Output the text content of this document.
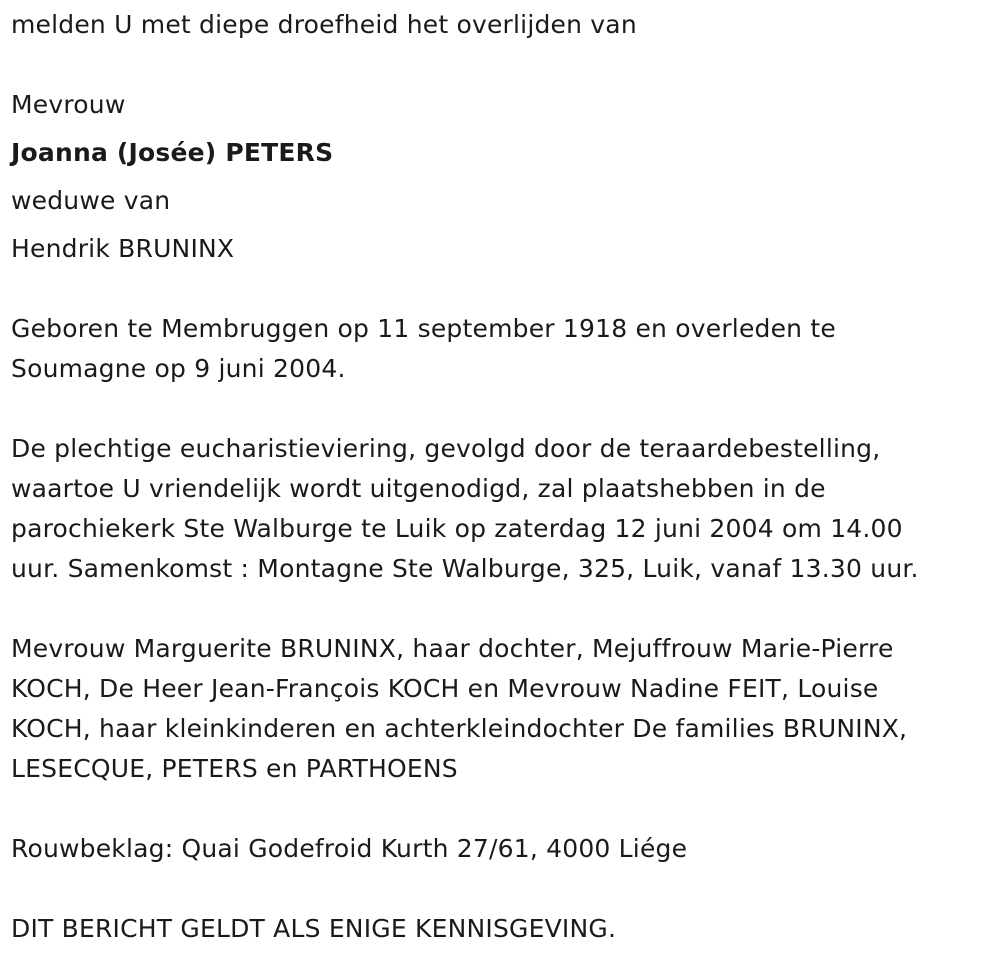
melden U met diepe droefheid het overlijden van
Mevrouw
Joanna (Josée) PETERS
weduwe van
Hendrik BRUNINX
Geboren te Membruggen op 11 september 1918 en overleden te
Soumagne op 9 juni 2004.
De plechtige eucharistieviering, gevolgd door de teraardebestelling,
waartoe U vriendelijk wordt uitgenodigd, zal plaatshebben in de
parochiekerk Ste Walburge te Luik op zaterdag 12 juni 2004 om 14.00
uur. Samenkomst : Montagne Ste Walburge, 325, Luik, vanaf 13.30 uur.
Mevrouw Marguerite BRUNINX, haar dochter, Mejuffrouw Marie-Pierre
KOCH, De Heer Jean-François KOCH en Mevrouw Nadine FEIT, Louise
KOCH, haar kleinkinderen en achterkleindochter De families BRUNINX,
LESECQUE, PETERS en PARTHOENS
Rouwbeklag: Quai Godefroid Kurth 27/61, 4000 Liége
DIT BERICHT GELDT ALS ENIGE KENNISGEVING.
